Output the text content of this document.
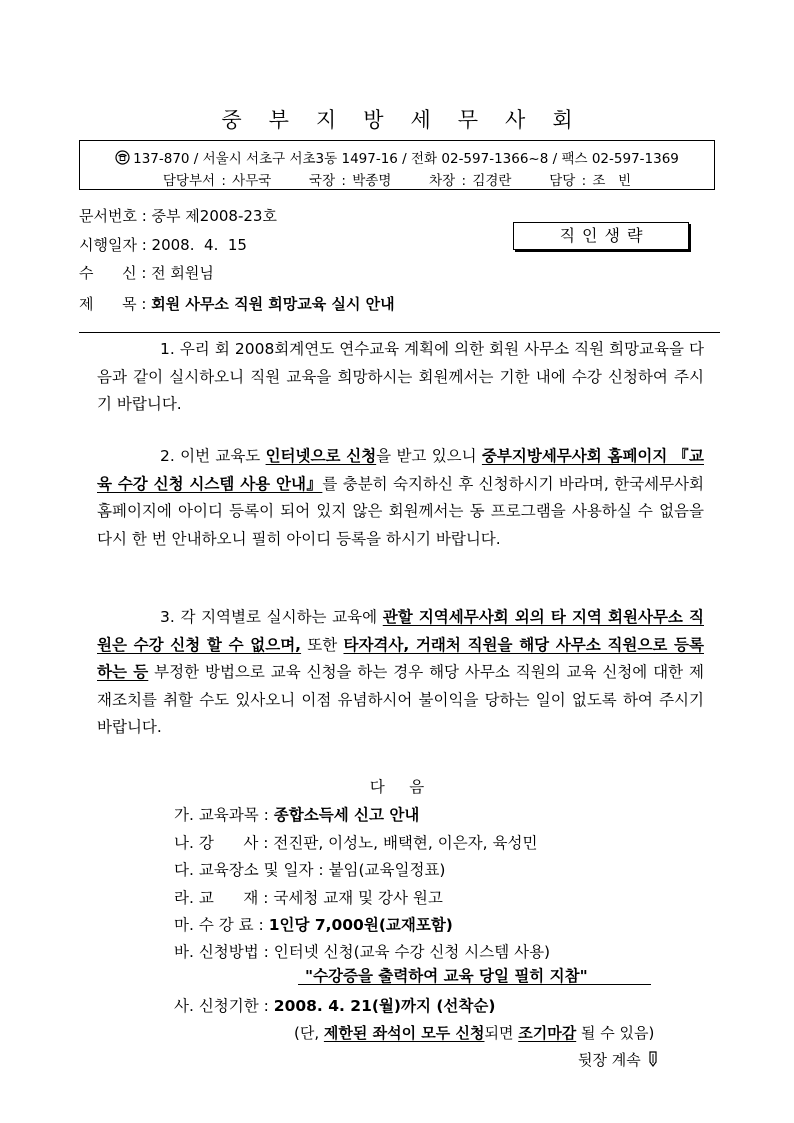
중부지방세무사회
137-870 / 서울시 서초구 서초3동 1497-16 / 전화 02-597-1366~8 / 팩스 02-597-1369
담당부서 : 사무국      국장 : 박종명      차장 : 김경란      담당 : 조  빈
문서번호 : 중부 제2008-23호
시행일자 : 2008.  4.  15	직인생략
수      신 : 전 회원님
제      목 : 회원 사무소 직원 희망교육 실시 안내
1. 우리 회 2008회계연도 연수교육 계획에 의한 회원 사무소 직원 희망교육을 다음과 같이 실시하오니 직원 교육을 희망하시는 회원께서는 기한 내에 수강 신청하여 주시기 바랍니다.
2. 이번 교육도 인터넷으로 신청을 받고 있으니 중부지방세무사회 홈페이지 『교육 수강 신청 시스템 사용 안내』를 충분히 숙지하신 후 신청하시기 바라며, 한국세무사회 홈페이지에 아이디 등록이 되어 있지 않은 회원께서는 동 프로그램을 사용하실 수 없음을 다시 한 번 안내하오니 필히 아이디 등록을 하시기 바랍니다.
3. 각 지역별로 실시하는 교육에 관할 지역세무사회 외의 타 지역 회원사무소 직원은 수강 신청 할 수 없으며, 또한 타자격사, 거래처 직원을 해당 사무소 직원으로 등록 하는 등 부정한 방법으로 교육 신청을 하는 경우 해당 사무소 직원의 교육 신청에 대한 제재조치를 취할 수도 있사오니 이점 유념하시어 불이익을 당하는 일이 없도록 하여 주시기 바랍니다.
다     음
가. 교육과목 : 종합소득세 신고 안내
나. 강      사 : 전진판, 이성노, 배택현, 이은자, 육성민
다. 교육장소 및 일자 : 붙임(교육일정표)
라. 교      재 : 국세청 교재 및 강사 원고
마. 수 강 료 : 1인당 7,000원(교재포함)
바. 신청방법 : 인터넷 신청(교육 수강 신청 시스템 사용)
"수강증을 출력하여 교육 당일 필히 지참"
사. 신청기한 : 2008. 4. 21(월)까지 (선착순)
(단, 제한된 좌석이 모두 신청되면 조기마감 될 수 있음)
뒷장 계속
